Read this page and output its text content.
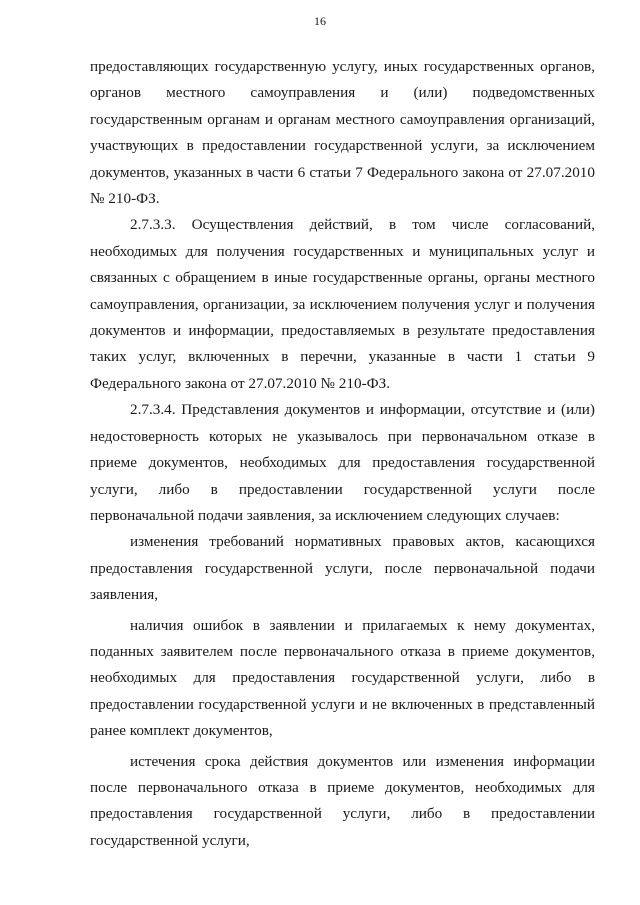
16

предоставляющих государственную услугу, иных государственных органов, органов местного самоуправления и (или) подведомственных государственным органам и органам местного самоуправления организаций, участвующих в предоставлении государственной услуги, за исключением документов, указанных в части 6 статьи 7 Федерального закона от 27.07.2010 № 210-ФЗ.

2.7.3.3. Осуществления действий, в том числе согласований, необходимых для получения государственных и муниципальных услуг и связанных с обращением в иные государственные органы, органы местного самоуправления, организации, за исключением получения услуг и получения документов и информации, предоставляемых в результате предоставления таких услуг, включенных в перечни, указанные в части 1 статьи 9 Федерального закона от 27.07.2010 № 210-ФЗ.

2.7.3.4. Представления документов и информации, отсутствие и (или) недостоверность которых не указывалось при первоначальном отказе в приеме документов, необходимых для предоставления государственной услуги, либо в предоставлении государственной услуги после первоначальной подачи заявления, за исключением следующих случаев:

изменения требований нормативных правовых актов, касающихся предоставления государственной услуги, после первоначальной подачи заявления,

наличия ошибок в заявлении и прилагаемых к нему документах, поданных заявителем после первоначального отказа в приеме документов, необходимых для предоставления государственной услуги, либо в предоставлении государственной услуги и не включенных в представленный ранее комплект документов,

истечения срока действия документов или изменения информации после первоначального отказа в приеме документов, необходимых для предоставления государственной услуги, либо в предоставлении государственной услуги,
